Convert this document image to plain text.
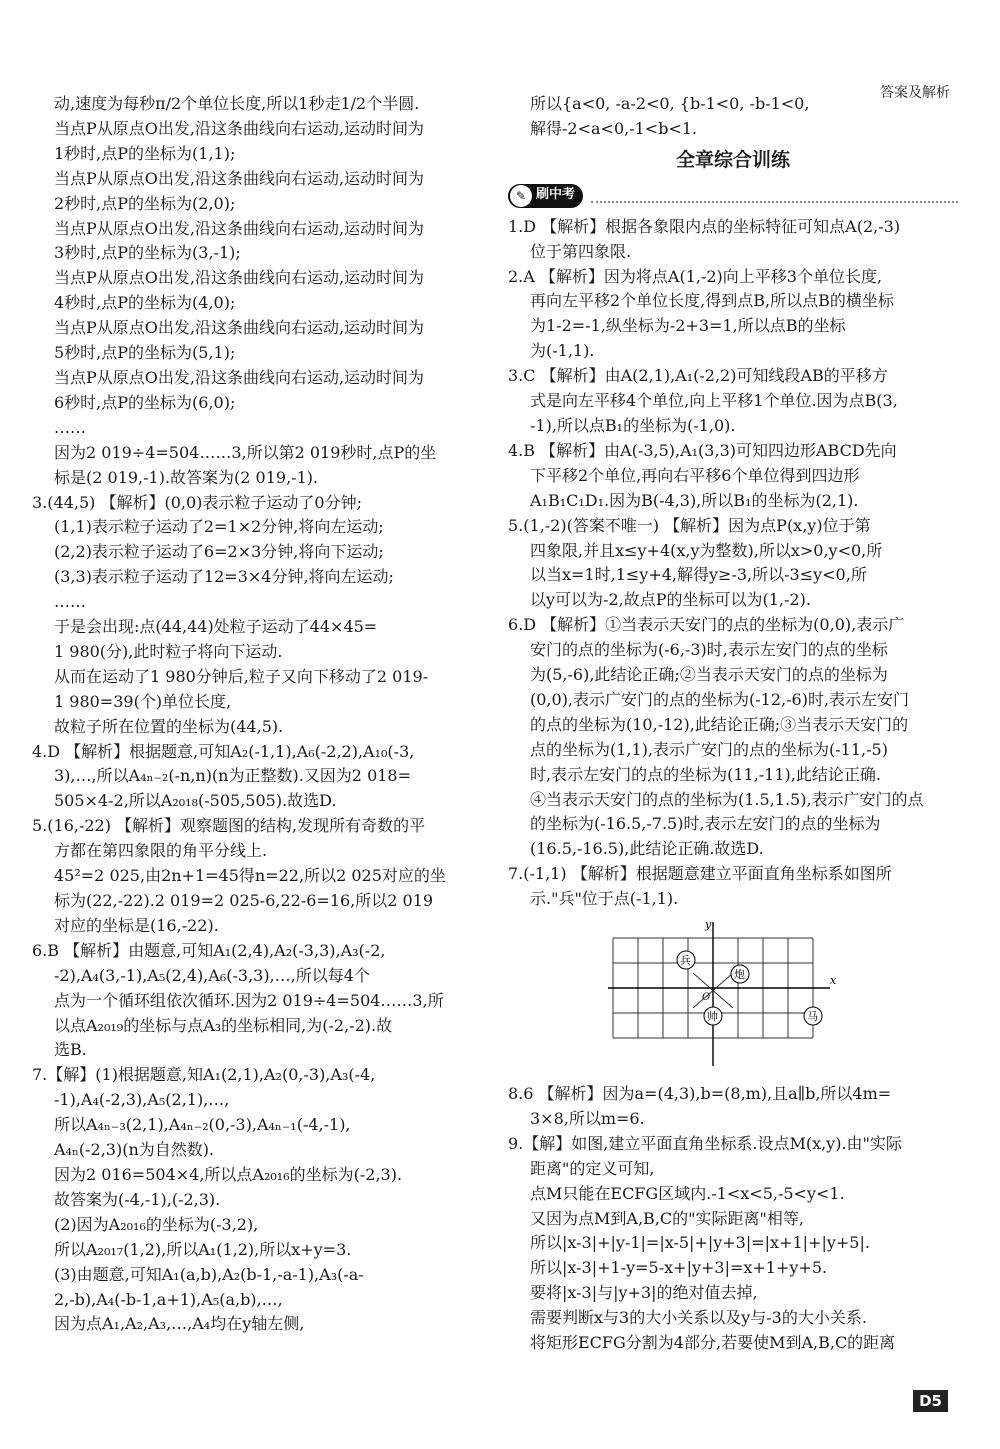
答案及解析
动,速度为每秒π/2个单位长度,所以1秒走1/2个半圆.
当点P从原点O出发,沿这条曲线向右运动,运动时间为
1秒时,点P的坐标为(1,1);
当点P从原点O出发,沿这条曲线向右运动,运动时间为
2秒时,点P的坐标为(2,0);
当点P从原点O出发,沿这条曲线向右运动,运动时间为
3秒时,点P的坐标为(3,-1);
当点P从原点O出发,沿这条曲线向右运动,运动时间为
4秒时,点P的坐标为(4,0);
当点P从原点O出发,沿这条曲线向右运动,运动时间为
5秒时,点P的坐标为(5,1);
当点P从原点O出发,沿这条曲线向右运动,运动时间为
6秒时,点P的坐标为(6,0);
……
因为2 019÷4=504……3,所以第2 019秒时,点P的坐
标是(2 019,-1).故答案为(2 019,-1).
3.(44,5) 【解析】(0,0)表示粒子运动了0分钟;
(1,1)表示粒子运动了2=1×2分钟,将向左运动;
(2,2)表示粒子运动了6=2×3分钟,将向下运动;
(3,3)表示粒子运动了12=3×4分钟,将向左运动;
……
于是会出现:点(44,44)处粒子运动了44×45=
1 980(分),此时粒子将向下运动.
从而在运动了1 980分钟后,粒子又向下移动了2 019-
1 980=39(个)单位长度,
故粒子所在位置的坐标为(44,5).
4.D 【解析】根据题意,可知A₂(-1,1),A₆(-2,2),A₁₀(-3,
3),…,所以A₄ₙ₋₂(-n,n)(n为正整数).又因为2 018=
505×4-2,所以A₂₀₁₈(-505,505).故选D.
5.(16,-22) 【解析】观察题图的结构,发现所有奇数的平
方都在第四象限的角平分线上.
45²=2 025,由2n+1=45得n=22,所以2 025对应的坐
标为(22,-22).2 019=2 025-6,22-6=16,所以2 019
对应的坐标是(16,-22).
6.B 【解析】由题意,可知A₁(2,4),A₂(-3,3),A₃(-2,
-2),A₄(3,-1),A₅(2,4),A₆(-3,3),…,所以每4个
点为一个循环组依次循环.因为2 019÷4=504……3,所
以点A₂₀₁₉的坐标与点A₃的坐标相同,为(-2,-2).故
选B.
7.【解】(1)根据题意,知A₁(2,1),A₂(0,-3),A₃(-4,
-1),A₄(-2,3),A₅(2,1),…,
所以A₄ₙ₋₃(2,1),A₄ₙ₋₂(0,-3),A₄ₙ₋₁(-4,-1),
A₄ₙ(-2,3)(n为自然数).
因为2 016=504×4,所以点A₂₀₁₆的坐标为(-2,3).
故答案为(-4,-1),(-2,3).
(2)因为A₂₀₁₆的坐标为(-3,2),
所以A₂₀₁₇(1,2),所以A₁(1,2),所以x+y=3.
(3)由题意,可知A₁(a,b),A₂(b-1,-a-1),A₃(-a-
2,-b),A₄(-b-1,a+1),A₅(a,b),…,
因为点A₁,A₂,A₃,…,A₄均在y轴左侧,
所以{a<0, -a-2<0, {b-1<0, -b-1<0,
解得-2<a<0,-1<b<1.
全章综合训练
✎ 刷中考
1.D 【解析】根据各象限内点的坐标特征可知点A(2,-3)
位于第四象限.
2.A 【解析】因为将点A(1,-2)向上平移3个单位长度,
再向左平移2个单位长度,得到点B,所以点B的横坐标
为1-2=-1,纵坐标为-2+3=1,所以点B的坐标
为(-1,1).
3.C 【解析】由A(2,1),A₁(-2,2)可知线段AB的平移方
式是向左平移4个单位,向上平移1个单位.因为点B(3,
-1),所以点B₁的坐标为(-1,0).
4.B 【解析】由A(-3,5),A₁(3,3)可知四边形ABCD先向
下平移2个单位,再向右平移6个单位得到四边形
A₁B₁C₁D₁.因为B(-4,3),所以B₁的坐标为(2,1).
5.(1,-2)(答案不唯一) 【解析】因为点P(x,y)位于第
四象限,并且x≤y+4(x,y为整数),所以x>0,y<0,所
以当x=1时,1≤y+4,解得y≥-3,所以-3≤y<0,所
以y可以为-2,故点P的坐标可以为(1,-2).
6.D 【解析】①当表示天安门的点的坐标为(0,0),表示广
安门的点的坐标为(-6,-3)时,表示左安门的点的坐标
为(5,-6),此结论正确;②当表示天安门的点的坐标为
(0,0),表示广安门的点的坐标为(-12,-6)时,表示左安门
的点的坐标为(10,-12),此结论正确;③当表示天安门的
点的坐标为(1,1),表示广安门的点的坐标为(-11,-5)
时,表示左安门的点的坐标为(11,-11),此结论正确.
④当表示天安门的点的坐标为(1.5,1.5),表示广安门的点
的坐标为(-16.5,-7.5)时,表示左安门的点的坐标为
(16.5,-16.5),此结论正确.故选D.
7.(-1,1) 【解析】根据题意建立平面直角坐标系如图所
示."兵"位于点(-1,1).
x
y
O
兵
炮
帅	马
8.6 【解析】因为a=(4,3),b=(8,m),且a∥b,所以4m=
3×8,所以m=6.
9.【解】如图,建立平面直角坐标系.设点M(x,y).由"实际
距离"的定义可知,
点M只能在ECFG区域内.-1<x<5,-5<y<1.
又因为点M到A,B,C的"实际距离"相等,
所以|x-3|+|y-1|=|x-5|+|y+3|=|x+1|+|y+5|.
所以|x-3|+1-y=5-x+|y+3|=x+1+y+5.
要将|x-3|与|y+3|的绝对值去掉,
需要判断x与3的大小关系以及y与-3的大小关系.
将矩形ECFG分割为4部分,若要使M到A,B,C的距离
D5
